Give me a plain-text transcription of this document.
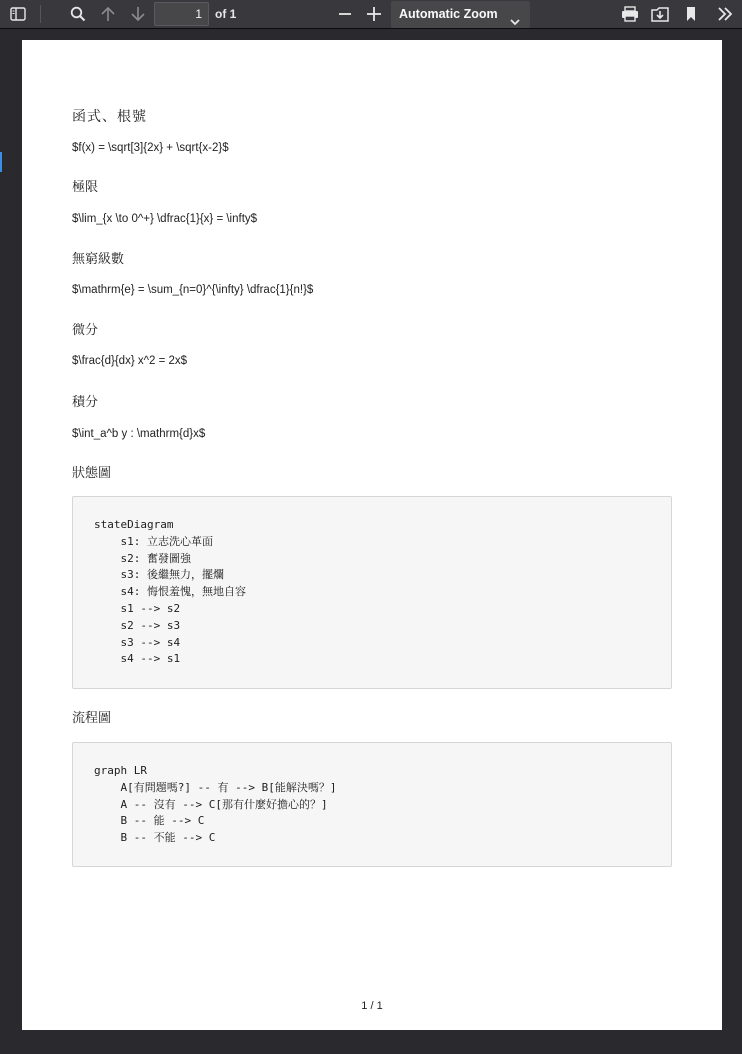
1	of 1	Automatic Zoom
函式、根號
$f(x) = \sqrt[3]{2x} + \sqrt{x-2}$
極限
$\lim_{x \to 0^+} \dfrac{1}{x} = \infty$
無窮級數
$\mathrm{e} = \sum_{n=0}^{\infty} \dfrac{1}{n!}$
微分
$\frac{d}{dx} x^2 = 2x$
積分
$\int_a^b y : \mathrm{d}x$
狀態圖
stateDiagram
s1: 立志洗心革面
s2: 奮發圖強
s3: 後繼無力，擺爛
s4: 悔恨羞愧，無地自容
s1 --> s2
s2 --> s3
s3 --> s4
s4 --> s1
流程圖
graph LR
A[有問題嗎?] -- 有 --> B[能解決嗎？]
A -- 沒有 --> C[那有什麼好擔心的？]
B -- 能 --> C
B -- 不能 --> C
1 / 1
